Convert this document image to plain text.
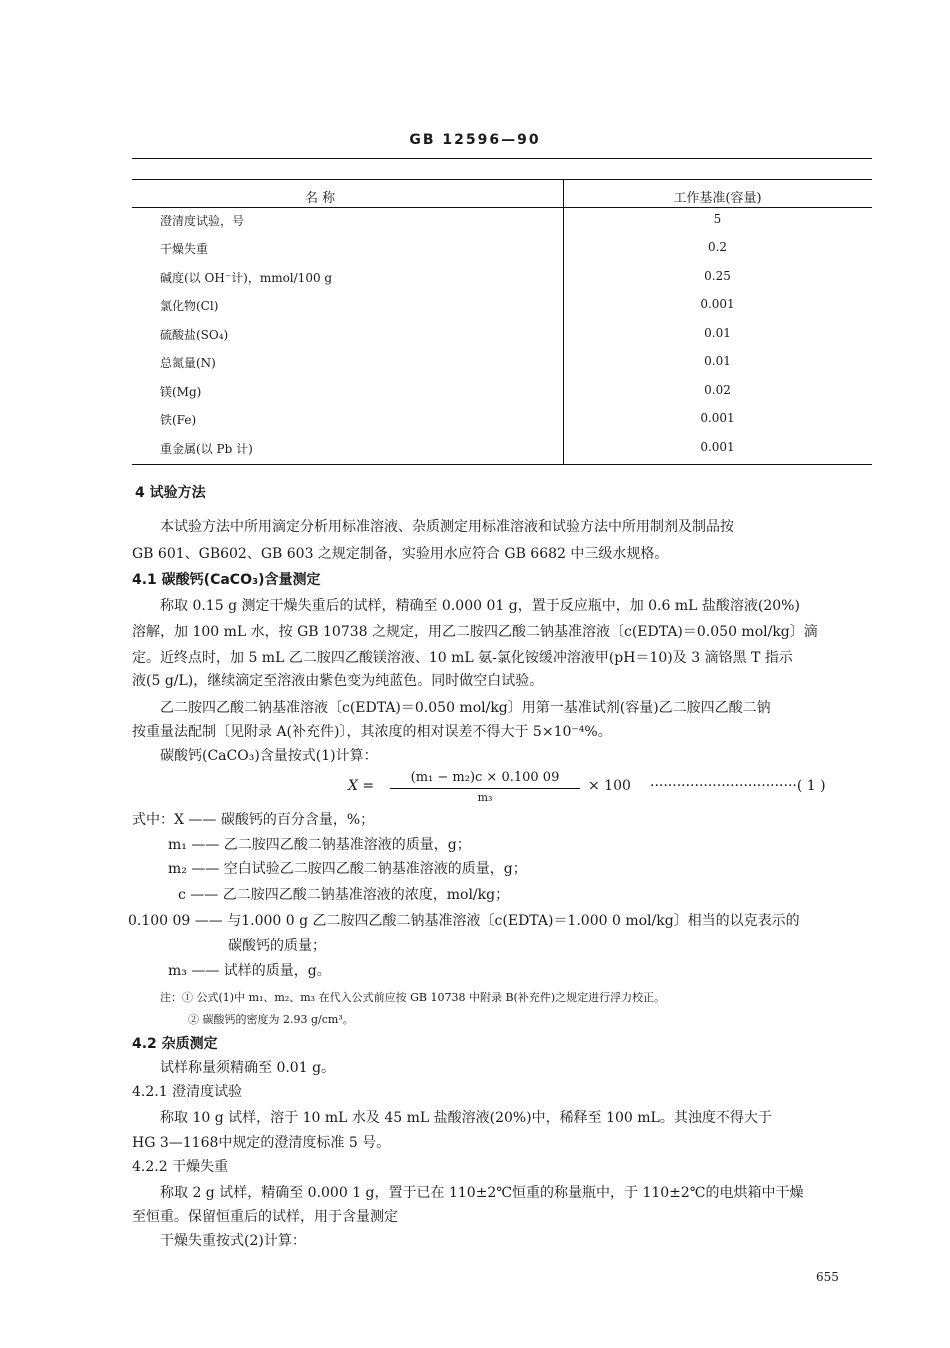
GB 12596—90
名 称	工作基准(容量)
澄清度试验，号	5
干燥失重	0.2
碱度(以 OH⁻计)，mmol/100 g	0.25
氯化物(Cl)	0.001
硫酸盐(SO₄)	0.01
总氮量(N)	0.01
镁(Mg)	0.02
铁(Fe)	0.001
重金属(以 Pb 计)	0.001
4 试验方法
本试验方法中所用滴定分析用标准溶液、杂质测定用标准溶液和试验方法中所用制剂及制品按
GB 601、GB602、GB 603 之规定制备，实验用水应符合 GB 6682 中三级水规格。
4.1 碳酸钙(CaCO₃)含量测定
称取 0.15 g 测定干燥失重后的试样，精确至 0.000 01 g，置于反应瓶中，加 0.6 mL 盐酸溶液(20%)
溶解，加 100 mL 水，按 GB 10738 之规定，用乙二胺四乙酸二钠基准溶液〔c(EDTA)＝0.050 mol/kg〕滴
定。近终点时，加 5 mL 乙二胺四乙酸镁溶液、10 mL 氨-氯化铵缓冲溶液甲(pH＝10)及 3 滴铬黑 T 指示
液(5 g/L)，继续滴定至溶液由紫色变为纯蓝色。同时做空白试验。
乙二胺四乙酸二钠基准溶液〔c(EDTA)＝0.050 mol/kg〕用第一基准试剂(容量)乙二胺四乙酸二钠
按重量法配制〔见附录 A(补充件)〕，其浓度的相对误差不得大于 5×10⁻⁴%。
碳酸钙(CaCO₃)含量按式(1)计算：
X =
(m₁ − m₂)c × 0.100 09
m₃
× 100 ·································( 1 )
式中：X —— 碳酸钙的百分含量，%；
m₁ —— 乙二胺四乙酸二钠基准溶液的质量，g；
m₂ —— 空白试验乙二胺四乙酸二钠基准溶液的质量，g；
c —— 乙二胺四乙酸二钠基准溶液的浓度，mol/kg；
0.100 09 —— 与1.000 0 g 乙二胺四乙酸二钠基准溶液〔c(EDTA)＝1.000 0 mol/kg〕相当的以克表示的
碳酸钙的质量；
m₃ —— 试样的质量，g。
注：① 公式(1)中 m₁、m₂、m₃ 在代入公式前应按 GB 10738 中附录 B(补充件)之规定进行浮力校正。
② 碳酸钙的密度为 2.93 g/cm³。
4.2 杂质测定
试样称量须精确至 0.01 g。
4.2.1 澄清度试验
称取 10 g 试样，溶于 10 mL 水及 45 mL 盐酸溶液(20%)中，稀释至 100 mL。其浊度不得大于
HG 3—1168中规定的澄清度标准 5 号。
4.2.2 干燥失重
称取 2 g 试样，精确至 0.000 1 g，置于已在 110±2℃恒重的称量瓶中，于 110±2℃的电烘箱中干燥
至恒重。保留恒重后的试样，用于含量测定
干燥失重按式(2)计算：
655
